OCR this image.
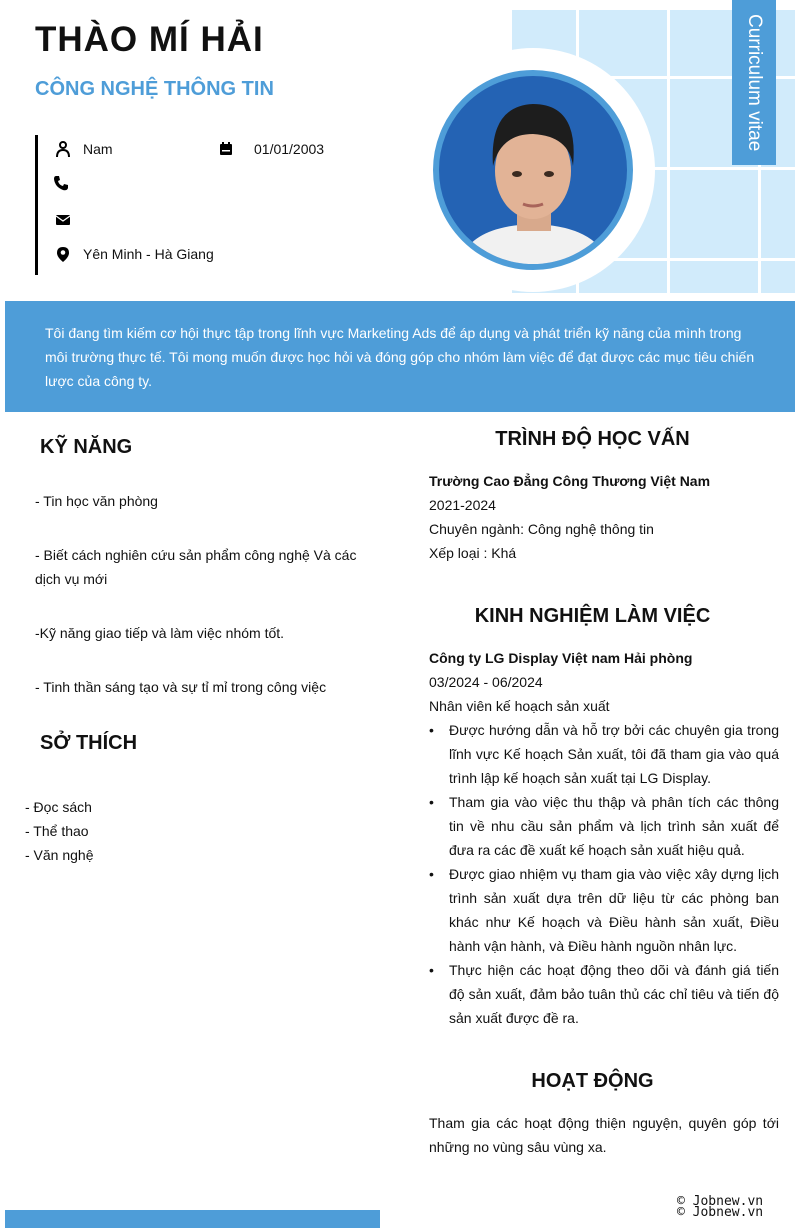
Curriculum vitae
THÀO MÍ HẢI
CÔNG NGHỆ THÔNG TIN
Nam	01/01/2003
Yên Minh - Hà Giang
Tôi đang tìm kiếm cơ hội thực tập trong lĩnh vực Marketing Ads để áp dụng và phát triển kỹ năng của mình trong môi trường thực tế. Tôi mong muốn được học hỏi và đóng góp cho nhóm làm việc để đạt được các mục tiêu chiến lược của công ty.
KỸ NĂNG
- Tin học văn phòng
- Biết cách nghiên cứu sản phẩm công nghệ Và các dịch vụ mới
-Kỹ năng giao tiếp và làm việc nhóm tốt.
- Tinh thần sáng tạo và sự tỉ mỉ trong công việc
SỞ THÍCH
- Đọc sách
- Thể thao
- Văn nghệ
TRÌNH ĐỘ HỌC VẤN
Trường Cao Đẳng Công Thương Việt Nam
2021-2024
Chuyên ngành: Công nghệ thông tin
Xếp loại : Khá
KINH NGHIỆM LÀM VIỆC
Công ty LG Display Việt nam Hải phòng
03/2024 - 06/2024
Nhân viên kế hoạch sản xuất
• Được hướng dẫn và hỗ trợ bởi các chuyên gia trong lĩnh vực Kế hoạch Sản xuất, tôi đã tham gia vào quá trình lập kế hoạch sản xuất tại LG Display.
• Tham gia vào việc thu thập và phân tích các thông tin về nhu cầu sản phẩm và lịch trình sản xuất để đưa ra các đề xuất kế hoạch sản xuất hiệu quả.
• Được giao nhiệm vụ tham gia vào việc xây dựng lịch trình sản xuất dựa trên dữ liệu từ các phòng ban khác như Kế hoạch và Điều hành sản xuất, Điều hành vận hành, và Điều hành nguồn nhân lực.
• Thực hiện các hoạt động theo dõi và đánh giá tiến độ sản xuất, đảm bảo tuân thủ các chỉ tiêu và tiến độ sản xuất được đề ra.
HOẠT ĐỘNG
Tham gia các hoạt động thiện nguyện, quyên góp tới những no vùng sâu vùng xa.
© Jobnew.vn
© Jobnew.vn
